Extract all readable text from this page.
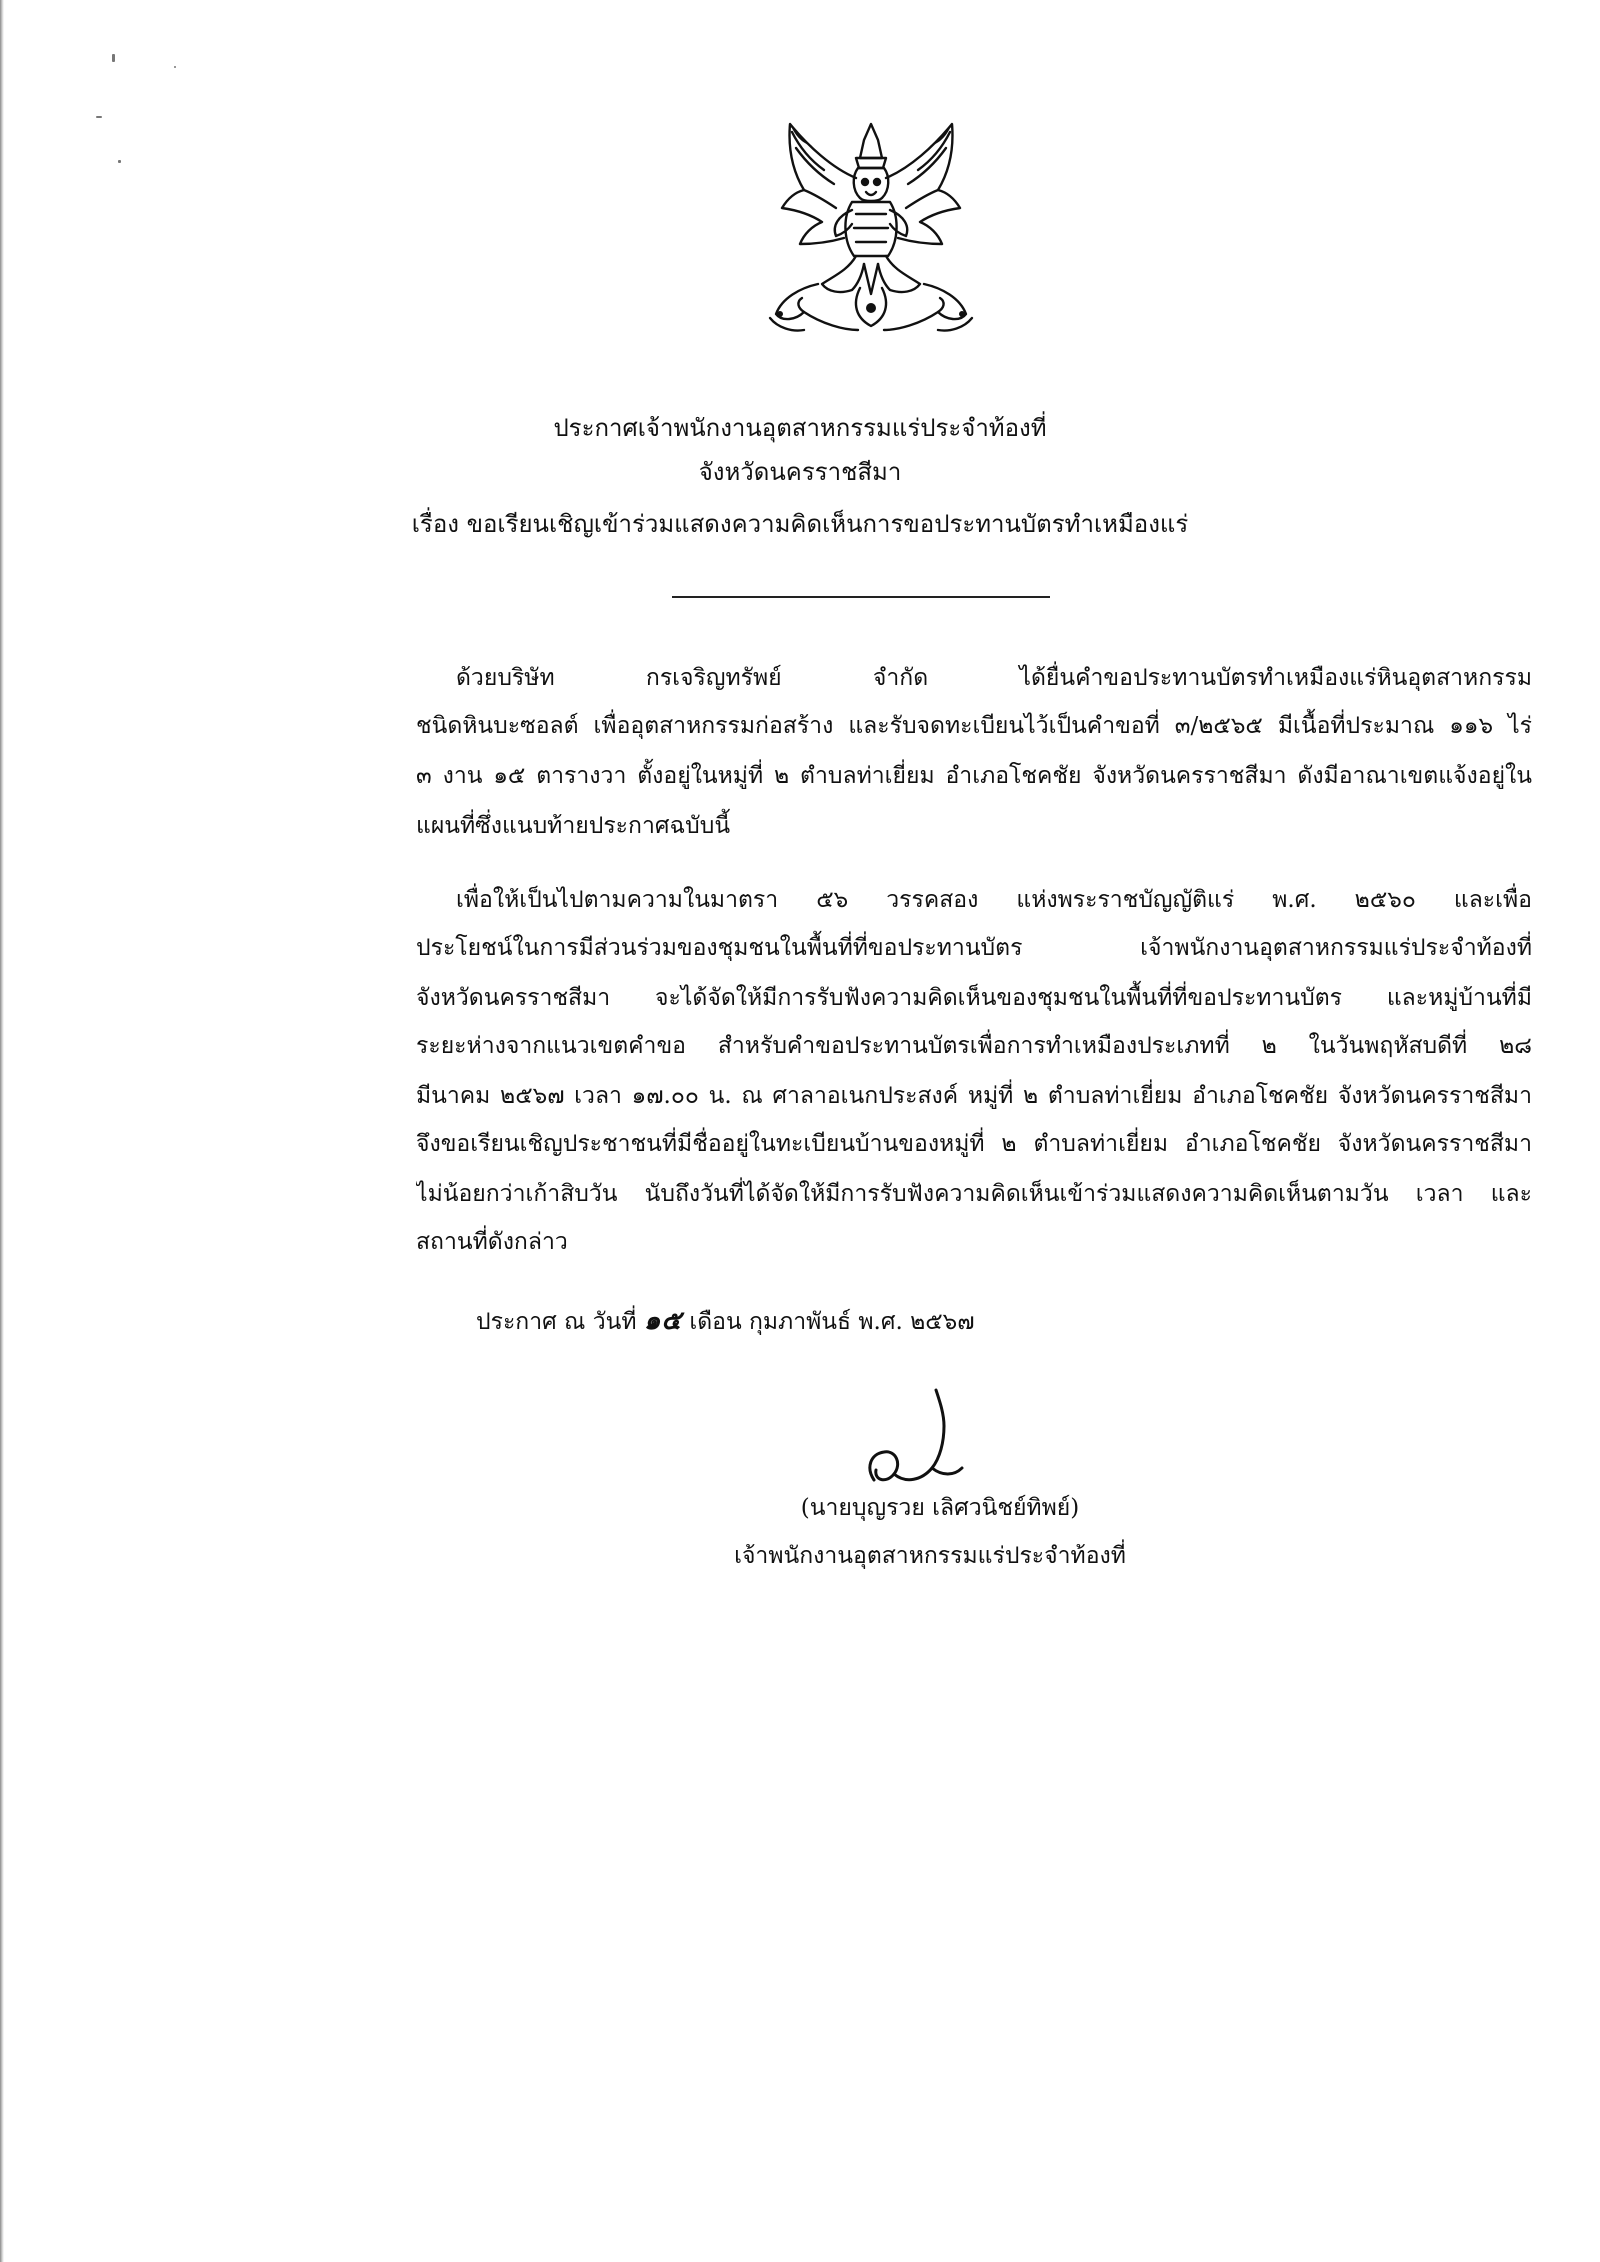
ประกาศเจ้าพนักงานอุตสาหกรรมแร่ประจำท้องที่
จังหวัดนครราชสีมา
เรื่อง ขอเรียนเชิญเข้าร่วมแสดงความคิดเห็นการขอประทานบัตรทำเหมืองแร่
ด้วยบริษัท กรเจริญทรัพย์ จำกัด ได้ยื่นคำขอประทานบัตรทำเหมืองแร่หินอุตสาหกรรม
ชนิดหินบะซอลต์ เพื่ออุตสาหกรรมก่อสร้าง และรับจดทะเบียนไว้เป็นคำขอที่ ๓/๒๕๖๕ มีเนื้อที่ประมาณ ๑๑๖ ไร่
๓ งาน ๑๕ ตารางวา ตั้งอยู่ในหมู่ที่ ๒ ตำบลท่าเยี่ยม อำเภอโชคชัย จังหวัดนครราชสีมา ดังมีอาณาเขตแจ้งอยู่ใน
แผนที่ซึ่งแนบท้ายประกาศฉบับนี้
เพื่อให้เป็นไปตามความในมาตรา ๕๖ วรรคสอง แห่งพระราชบัญญัติแร่ พ.ศ. ๒๕๖๐ และเพื่อ
ประโยชน์ในการมีส่วนร่วมของชุมชนในพื้นที่ที่ขอประทานบัตร เจ้าพนักงานอุตสาหกรรมแร่ประจำท้องที่
จังหวัดนครราชสีมา จะได้จัดให้มีการรับฟังความคิดเห็นของชุมชนในพื้นที่ที่ขอประทานบัตร และหมู่บ้านที่มี
ระยะห่างจากแนวเขตคำขอ สำหรับคำขอประทานบัตรเพื่อการทำเหมืองประเภทที่ ๒ ในวันพฤหัสบดีที่ ๒๘
มีนาคม ๒๕๖๗ เวลา ๑๗.๐๐ น. ณ ศาลาอเนกประสงค์ หมู่ที่ ๒ ตำบลท่าเยี่ยม อำเภอโชคชัย จังหวัดนครราชสีมา
จึงขอเรียนเชิญประชาชนที่มีชื่ออยู่ในทะเบียนบ้านของหมู่ที่ ๒ ตำบลท่าเยี่ยม อำเภอโชคชัย จังหวัดนครราชสีมา
ไม่น้อยกว่าเก้าสิบวัน นับถึงวันที่ได้จัดให้มีการรับฟังความคิดเห็นเข้าร่วมแสดงความคิดเห็นตามวัน เวลา และ
สถานที่ดังกล่าว
ประกาศ ณ วันที่ ๑๕ เดือน กุมภาพันธ์ พ.ศ. ๒๕๖๗
(นายบุญรวย เลิศวนิชย์ทิพย์)
เจ้าพนักงานอุตสาหกรรมแร่ประจำท้องที่
